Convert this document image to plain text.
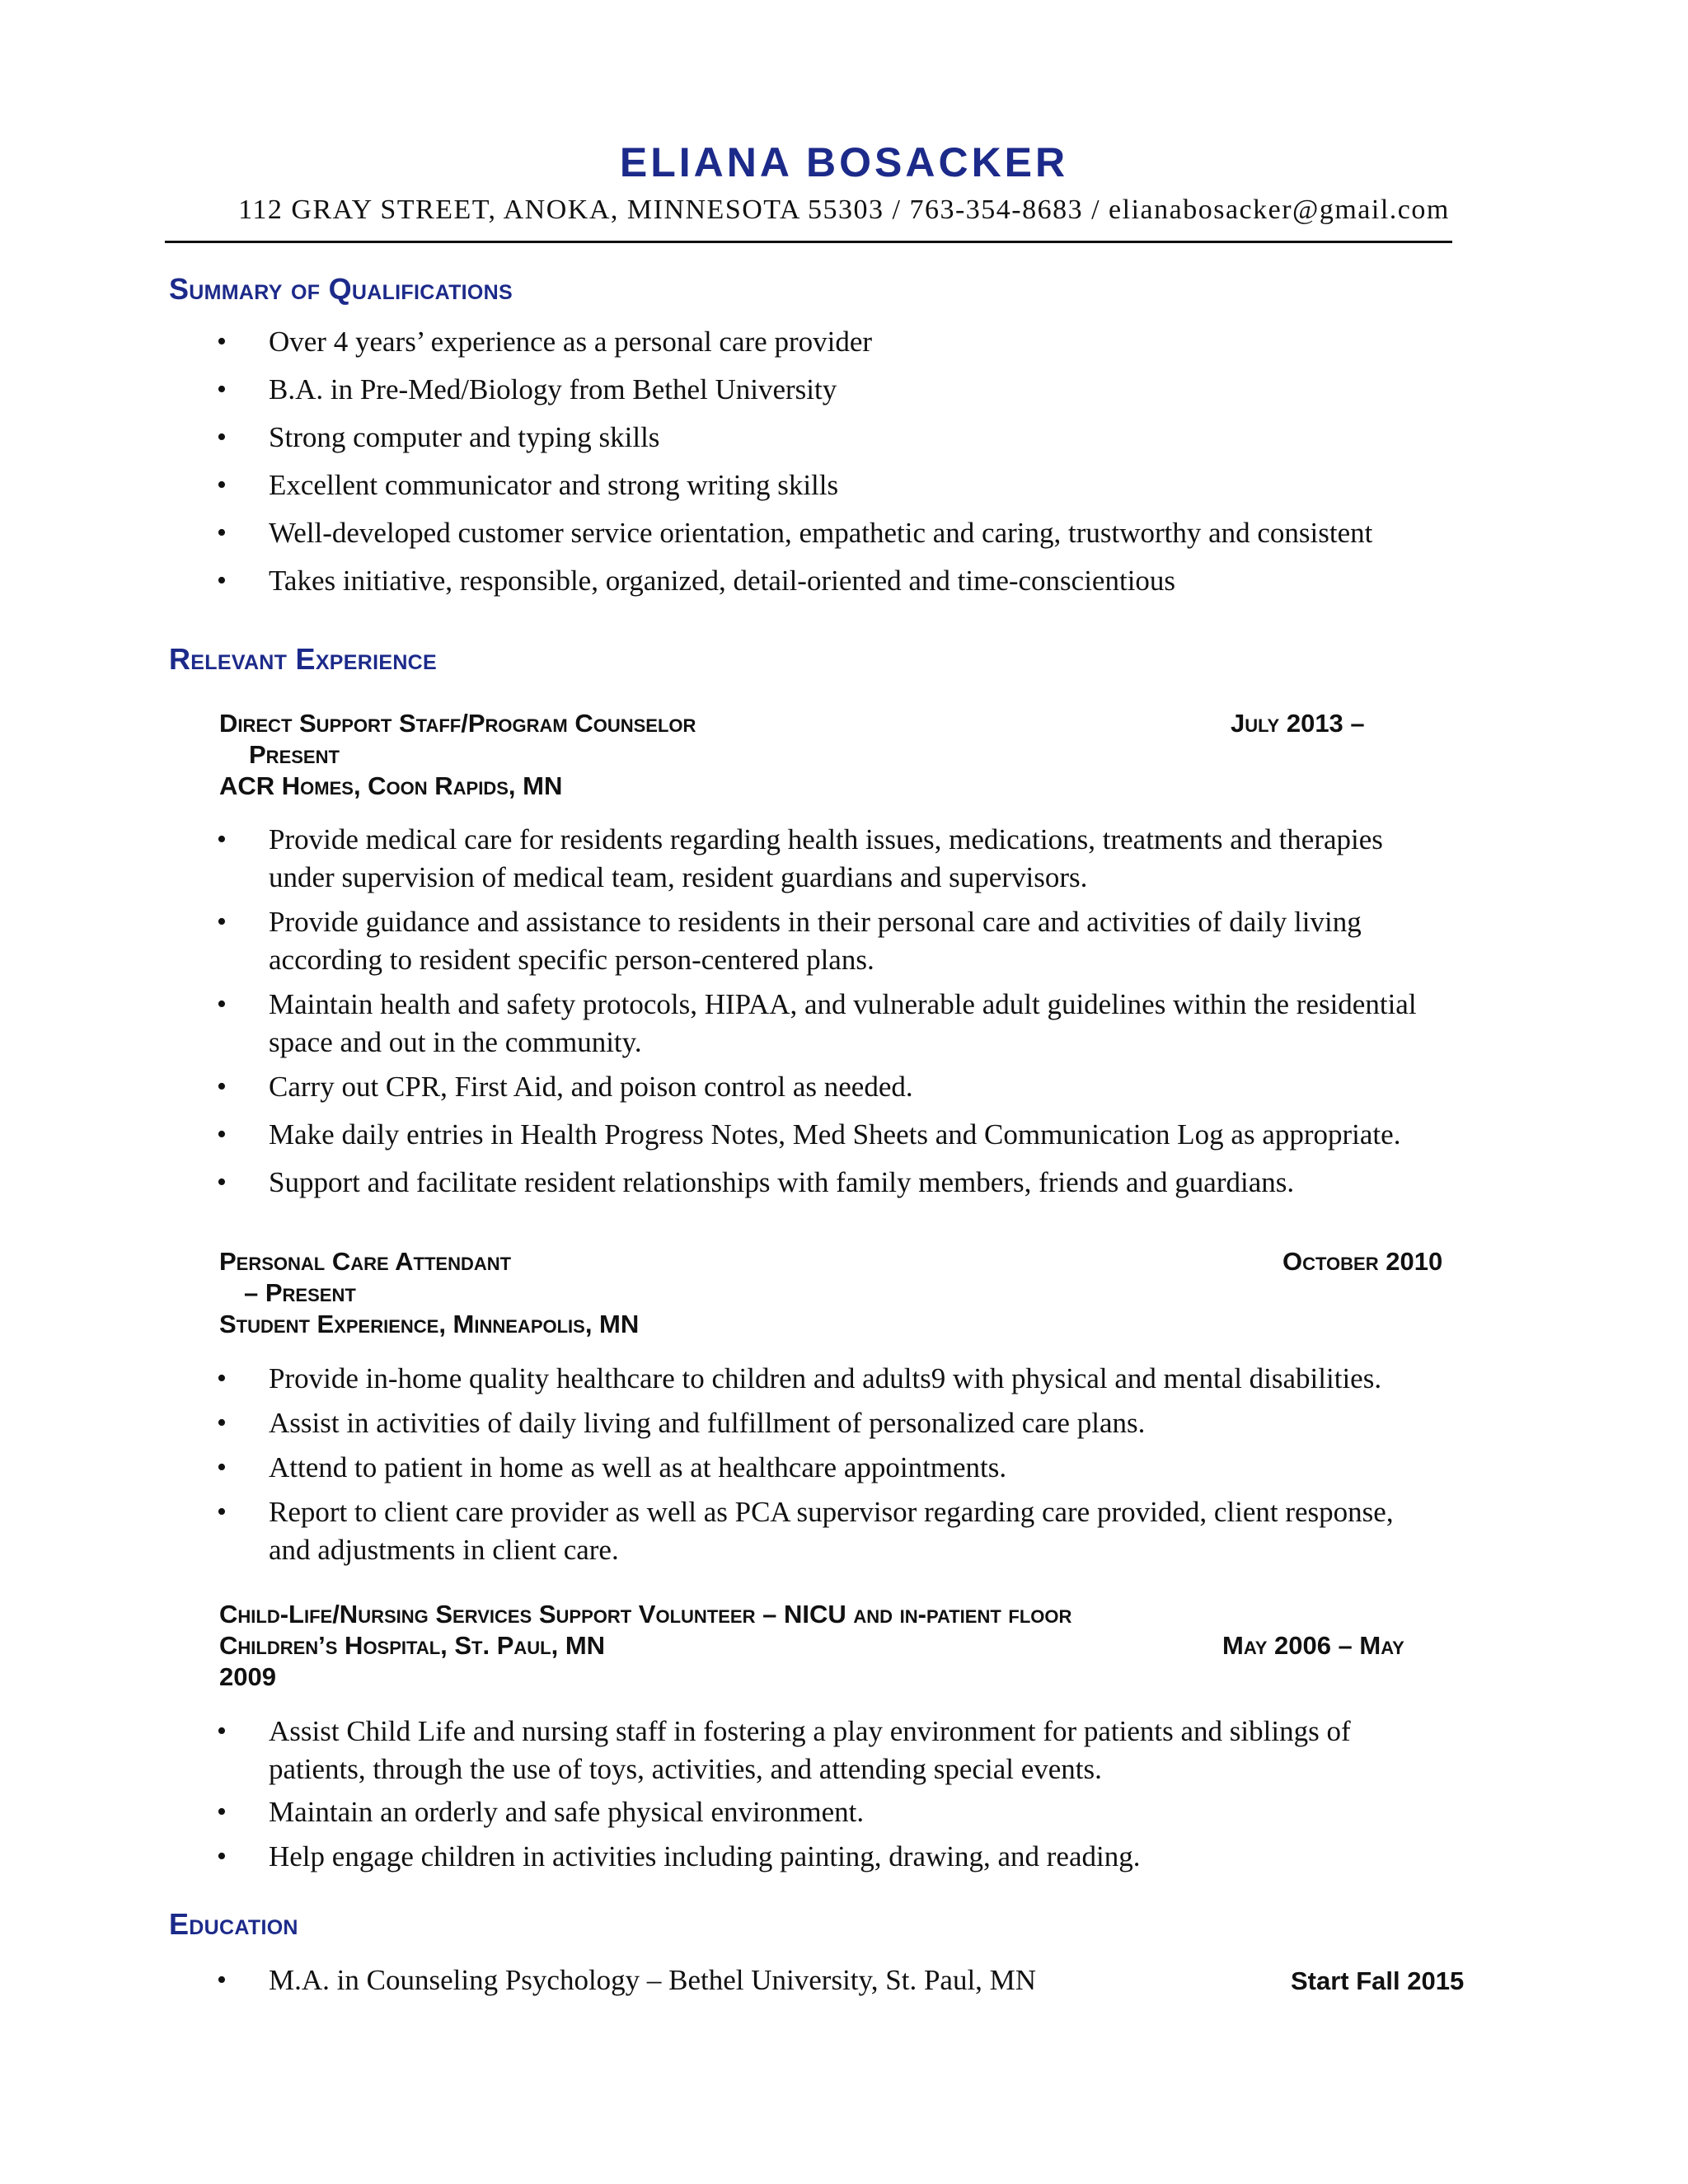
ELIANA BOSACKER
112 GRAY STREET, ANOKA, MINNESOTA 55303 / 763-354-8683 / elianabosacker@gmail.com
Summary of Qualifications
• Over 4 years’ experience as a personal care provider
• B.A. in Pre-Med/Biology from Bethel University
• Strong computer and typing skills
• Excellent communicator and strong writing skills
• Well-developed customer service orientation, empathetic and caring, trustworthy and consistent
• Takes initiative, responsible, organized, detail-oriented and time-conscientious
Relevant Experience
Direct Support Staff/Program Counselor	July 2013 –
Present
ACR Homes, Coon Rapids, MN
• Provide medical care for residents regarding health issues, medications, treatments and therapies
under supervision of medical team, resident guardians and supervisors.
• Provide guidance and assistance to residents in their personal care and activities of daily living
according to resident specific person-centered plans.
• Maintain health and safety protocols, HIPAA, and vulnerable adult guidelines within the residential
space and out in the community.
• Carry out CPR, First Aid, and poison control as needed.
• Make daily entries in Health Progress Notes, Med Sheets and Communication Log as appropriate.
• Support and facilitate resident relationships with family members, friends and guardians.
Personal Care Attendant	October 2010
– Present
Student Experience, Minneapolis, MN
• Provide in-home quality healthcare to children and adults9 with physical and mental disabilities.
• Assist in activities of daily living and fulfillment of personalized care plans.
• Attend to patient in home as well as at healthcare appointments.
• Report to client care provider as well as PCA supervisor regarding care provided, client response,
and adjustments in client care.
Child-Life/Nursing Services Support Volunteer – NICU and in-patient floor
Children’s Hospital, St. Paul, MN	May 2006 – May
2009
• Assist Child Life and nursing staff in fostering a play environment for patients and siblings of
patients, through the use of toys, activities, and attending special events.
• Maintain an orderly and safe physical environment.
• Help engage children in activities including painting, drawing, and reading.
Education
• M.A. in Counseling Psychology – Bethel University, St. Paul, MN	Start Fall 2015
